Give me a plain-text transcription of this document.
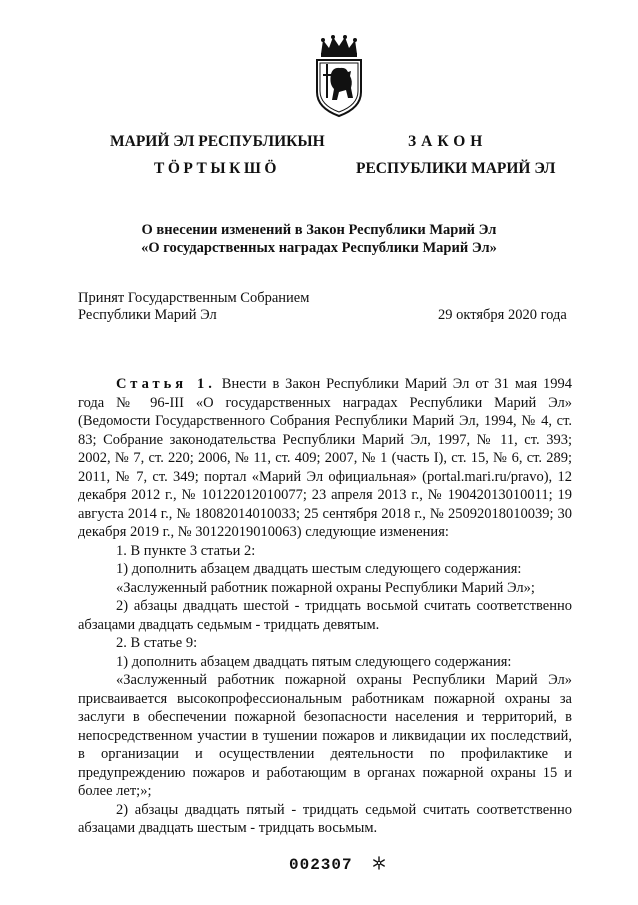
МАРИЙ ЭЛ РЕСПУБЛИКЫН
ТӦРТЫКШӦ
ЗАКОН
РЕСПУБЛИКИ МАРИЙ ЭЛ
О внесении изменений в Закон Республики Марий Эл
«О государственных наградах Республики Марий Эл»
Принят Государственным Собранием
Республики Марий Эл	29 октября 2020 года

Статья 1. Внести в Закон Республики Марий Эл от 31 мая 1994 года № 96-III «О государственных наградах Республики Марий Эл» (Ведомости Государственного Собрания Республики Марий Эл, 1994, № 4, ст. 83; Собрание законодательства Республики Марий Эл, 1997, № 11, ст. 393; 2002, № 7, ст. 220; 2006, № 11, ст. 409; 2007, № 1 (часть I), ст. 15, № 6, ст. 289; 2011, № 7, ст. 349; портал «Марий Эл официальная» (portal.mari.ru/pravo), 12 декабря 2012 г., № 10122012010077; 23 апреля 2013 г., № 19042013010011; 19 августа 2014 г., № 18082014010033; 25 сентября 2018 г., № 25092018010039; 30 декабря 2019 г., № 30122019010063) следующие изменения:

1. В пункте 3 статьи 2:

1) дополнить абзацем двадцать шестым следующего содержания:

«Заслуженный работник пожарной охраны Республики Марий Эл»;

2) абзацы двадцать шестой - тридцать восьмой считать соответственно абзацами двадцать седьмым - тридцать девятым.

2. В статье 9:

1) дополнить абзацем двадцать пятым следующего содержания:

«Заслуженный работник пожарной охраны Республики Марий Эл» присваивается высокопрофессиональным работникам пожарной охраны за заслуги в обеспечении пожарной безопасности населения и территорий, в непосредственном участии в тушении пожаров и ликвидации их последствий, в организации и осуществлении деятельности по профилактике и предупреждению пожаров и работающим в органах пожарной охраны 15 и более лет;»;

2) абзацы двадцать пятый - тридцать седьмой считать соответственно абзацами двадцать шестым - тридцать восьмым.

002307
